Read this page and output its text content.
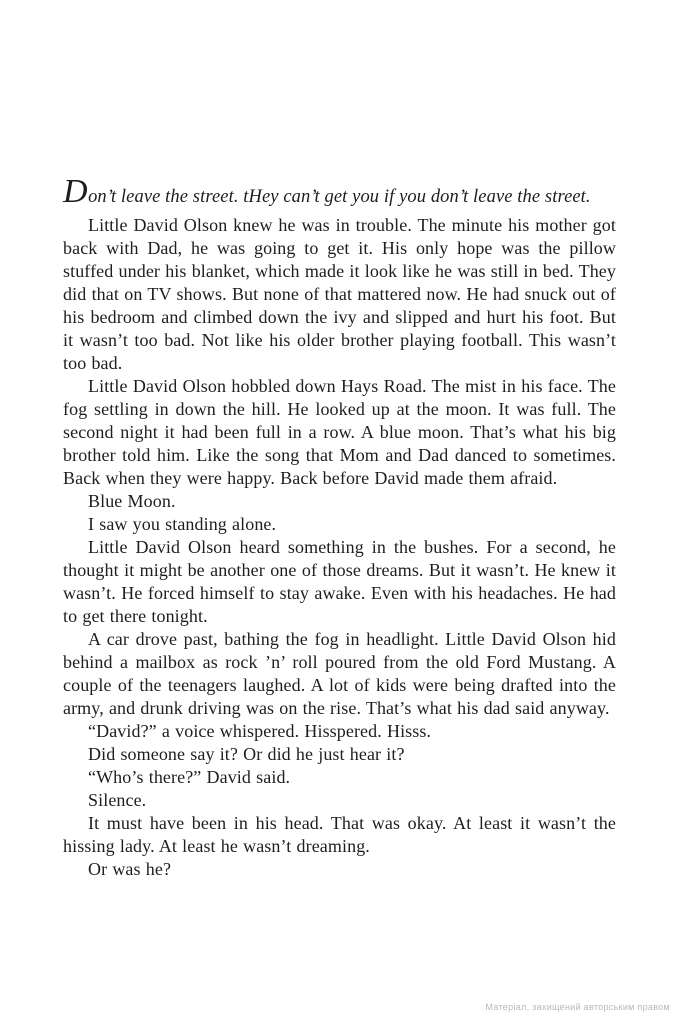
Don’t leave the street. tHey can’t get you if you don’t leave the street.

Little David Olson knew he was in trouble. The minute his mother got back with Dad, he was going to get it. His only hope was the pillow stuffed under his blanket, which made it look like he was still in bed. They did that on TV shows. But none of that mattered now. He had snuck out of his bedroom and climbed down the ivy and slipped and hurt his foot. But it wasn’t too bad. Not like his older brother playing football. This wasn’t too bad.

Little David Olson hobbled down Hays Road. The mist in his face. The fog settling in down the hill. He looked up at the moon. It was full. The second night it had been full in a row. A blue moon. That’s what his big brother told him. Like the song that Mom and Dad danced to sometimes. Back when they were happy. Back before David made them afraid.

Blue Moon.

I saw you standing alone.

Little David Olson heard something in the bushes. For a second, he thought it might be another one of those dreams. But it wasn’t. He knew it wasn’t. He forced himself to stay awake. Even with his headaches. He had to get there tonight.

A car drove past, bathing the fog in headlight. Little David Olson hid behind a mailbox as rock ’n’ roll poured from the old Ford Mustang. A couple of the teenagers laughed. A lot of kids were being drafted into the army, and drunk driving was on the rise. That’s what his dad said anyway.

“David?” a voice whispered. Hisspered. Hisss.

Did someone say it? Or did he just hear it?

“Who’s there?” David said.

Silence.

It must have been in his head. That was okay. At least it wasn’t the hissing lady. At least he wasn’t dreaming.

Or was he?

Матеріал, захищений авторським правом
